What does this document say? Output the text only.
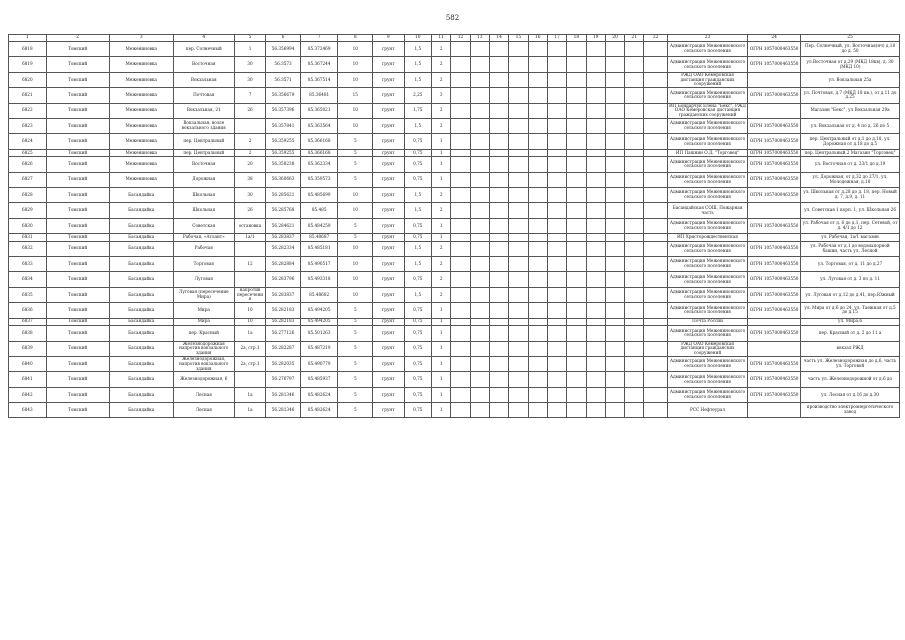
582
1	2	3	4	5	6	7	8	9	10	11	12	13	14	15	16	17	18	19	20	21	22	23	24	25
6818	Томский	Межениновка	пер. Солнечный	1	56.356994	85.372469	10	грунт	1,5	2												Администрация Межениновского сельского поселения	ОГРН 1057000463550	Пер. Солнечный, ул. Восточная(нч) д.18 до д. 50
6819	Томский	Межениновка	Восточная	30	56.3573	85.367244	10	грунт	1,5	2												Администрация Межениновского сельского поселения	ОГРН 1057000463550	ул.Восточная от д.29 (МКД 18кв), д. 30 (МКД 10)
6820	Томский	Межениновка	Вокзальная	30	56.3571	85.367514	10	грунт	1,5	2												РЖД ОАО Кемеровская дистанция гражданских сооружений		ул. Вокзальная 25а
6821	Томский	Межениновка	Почтовая	7	56.356679	85.36481	15	грунт	2,25	3												Администрация Межениновского сельского поселения	ОГРН 1057000463550	ул. Почтовая, д.7 (МКД 18 кв.), от д.11 до д.25
6822	Томский	Межениновка	Вокзальная, 21	26	56.357396	85.365021	10	грунт	1,75	2												ИП Бондарчук Елена "Бекс", РЖД ОАО Кемеровская дистанция гражданских сооружений		Магазин "Бекс", ул Вокзальная 29а
6823	Томский	Межениновка	Вокзальная, возле вокзального здания		56.357841	85.363564	10	грунт	1,5	2												Администрация Межениновского сельского поселения	ОГРН 1057000463550	ул. Вокзальная от д. 4 по д. 26 по 5
6824	Томский	Межениновка	пер. Центральный	2	56.359255	85.366168	5	грунт	0,75	1												Администрация Межениновского сельского поселения	ОГРН 1057000463550	пер. Центральный от д.1 до д.10, ул. Дорожная от д.18 до д.5
6825	Томский	Межениновка	пер. Центральный	2	56.359255	85.366168	5	грунт	0,75	1												ИП Пашнин О.Д. "Торговец"	ОГРН 1057000463550	пер. Центральный,2 Магазин "Торговец"
6826	Томский	Межениновка	Восточная	20	56.358238	85.362334	5	грунт	0,75	1												Администрация Межениновского сельского поселения	ОГРН 1057000463550	ул. Восточная от д. 23/1 до д.19
6827	Томский	Межениновка	Дорожная	38	56.360663	85.359573	5	грунт	0,75	1												Администрация Межениновского сельского поселения	ОГРН 1057000463550	ул. Дорожная, от д.32 до 27/1, ул. Молодежная, д.18
6828	Томский	Басандайка	Школьная	30	56.285621	85.485699	10	грунт	1,5	2												Администрация Межениновского сельского поселения	ОГРН 1057000463550	ул. Школьная от д.28 до д. 18, пер. Новый д. 7, д.9, д. 11
6829	Томский	Басандайка	Школьная	26	56.285768	85.485	10	грунт	1,5	2												Басандайская СОШ, Пожарная часть		ул. Советская 1 корп. 1, ул. Школьная 26
6830	Томский	Басандайка	Советская	остановка	56.284621	85.484259	5	грунт	0,75	1												Администрация Межениновского сельского поселения	ОГРН 1057000463550	ул. Рабочая от д. 6 до д.1, пер. Сетевой, от д. 4/1 до 12
6831	Томский	Басандайка	Рабочая, «Атлант»	1а/1	56.283837	85.48687	5	грунт	0,75	1												ИП Христорождественская		ул. Рабочая, 1а/1 магазин
6832	Томский	Басандайка	Рабочая		56.282334	85.485181	10	грунт	1,5	2												Администрация Межениновского сельского поселения	ОГРН 1057000463550	ул. Рабочая от д.1 до водонапорной башни, часть ул. Лесной
6833	Томский	Басандайка	Торговая	12	56.282884	85.490517	10	грунт	1,5	2												Администрация Межениновского сельского поселения	ОГРН 1057000463550	ул. Торговая, от д. 11 до д.27
6834	Томский	Басандайка	Луговая		56.283796	85.493318	10	грунт	0,75	2												Администрация Межениновского сельского поселения	ОГРН 1057000463550	ул. Луговая от д. 3 по д. 11
6835	Томский	Басандайка	Луговая (пересечение Мира)	напротив пересечения	56.283837	85.48682	10	грунт	1,5	2												Администрация Межениновского сельского поселения	ОГРН 1057000463550	ул. Луговая от д.12 до д.41, пер.Южный
6836	Томский	Басандайка	Мира	10	56.282183	85.494205	5	грунт	0,75	1												Администрация Межениновского сельского поселения	ОГРН 1057000463550	ул. Мира от д.6 до 24, ул. Таежная от д.5 до д.15
6837	Томский	Басандайка	Мира	10	56.282183	85.494205	5	грунт	0,75	1												Почта России		ул. Мира,6
6838	Томский	Басандайка	пер. Красный	1а	56.277126	85.501263	5	грунт	0,75	1												Администрация Межениновского сельского поселения	ОГРН 1057000463550	пер. Красный от д. 2 до 11 а
6839	Томский	Басандайка	Железнодорожная напротив вокзального здания	2а, стр.1	56.282287	85.487219	5	грунт	0,75	1												РЖД ОАО Кемеровская дистанция гражданских сооружений		вокзал РЖД
6840	Томский	Басандайка	Железнодорожная, напротив вокзального здания	2а, стр.1	56.282035	85.490779	5	грунт	0,75	1												Администрация Межениновского сельского поселения	ОГРН 1057000463550	часть ул. Железнодорожная до д.6, часть ул. Торговой
6841	Томский	Басандайка	Железнодорожная, 6		56.276797	85.485937	5	грунт	0,75	1												Администрация Межениновского сельского поселения	ОГРН 1057000463550	часть ул. Железнодорожной от д.6 до
6842	Томский	Басандайка	Лесная	1а	56.281346	85.482624	5	грунт	0,75	1												Администрация Межениновского сельского поселения	ОГРН 1057000463550	ул. Лесная от д.16 до д.30
6843	Томский	Басандайка	Лесная	1а	56.281346	85.482624	5	грунт	0,75	1												РСС Нефтеурал		производство электроэнергетического завод
